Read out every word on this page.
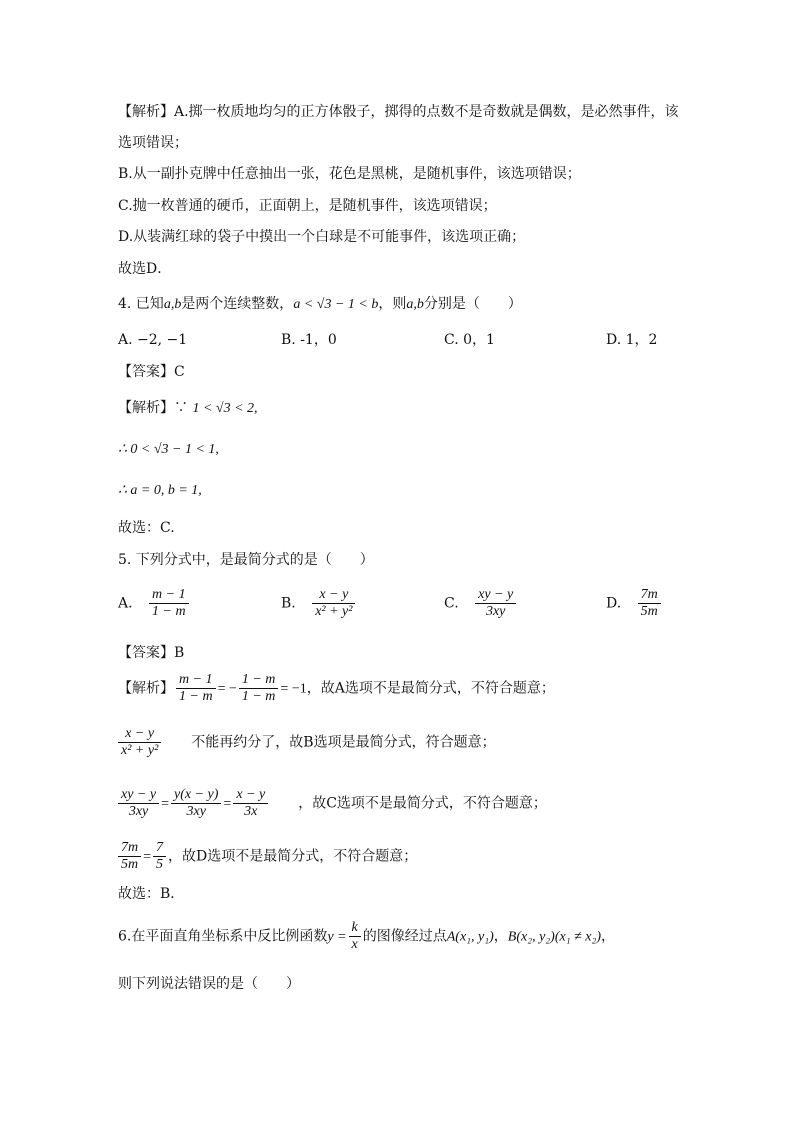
【解析】A.掷一枚质地均匀的正方体骰子，掷得的点数不是奇数就是偶数，是必然事件，该
选项错误；
B.从一副扑克牌中任意抽出一张，花色是黑桃，是随机事件，该选项错误；
C.抛一枚普通的硬币，正面朝上，是随机事件，该选项错误；
D.从装满红球的袋子中摸出一个白球是不可能事件，该选项正确；
故选D．
4. 已知a,b是两个连续整数，a < √3 − 1 < b，则a,b分别是（　　）
A. −2, −1	B. -1，0	C. 0，1	D. 1，2
【答案】C
【解析】∵ 1 < √3 < 2,
∴ 0 < √3 − 1 < 1,
∴ a = 0, b = 1,
故选：C.
5. 下列分式中，是最简分式的是（　　）
A. $\frac{m - 1}{1 - m}$	B. $\frac{x - y}{\text{x² + y²}}$	C. $\frac{xy - y}{3xy}$	D. $\frac{7m}{5m}$
【答案】B
【解析】 $\frac{m - 1}{1 - m}$ = − $\frac{1 - m}{1 - m} = -1$，故A选项不是最简分式，不符合题意；
$\frac{x - y}{\text{x² + y²}}$ 不能再约分了，故B选项是最简分式，符合题意；
$\frac{xy - y}{3xy} = \frac{y(x - y)}{3xy} = \frac{x - y}{3x}$ ，故C选项不是最简分式，不符合题意；
$\frac{7m}{5m} = \frac{7}{5}$ ，故D选项不是最简分式，不符合题意；
故选：B．
6.在平面直角坐标系中反比例函数$y = \frac{k}{x}$ 的图像经过点A(x₁, y₁)，B(x₂, y₂)(x₁ ≠ x₂)，
则下列说法错误的是（　　）
